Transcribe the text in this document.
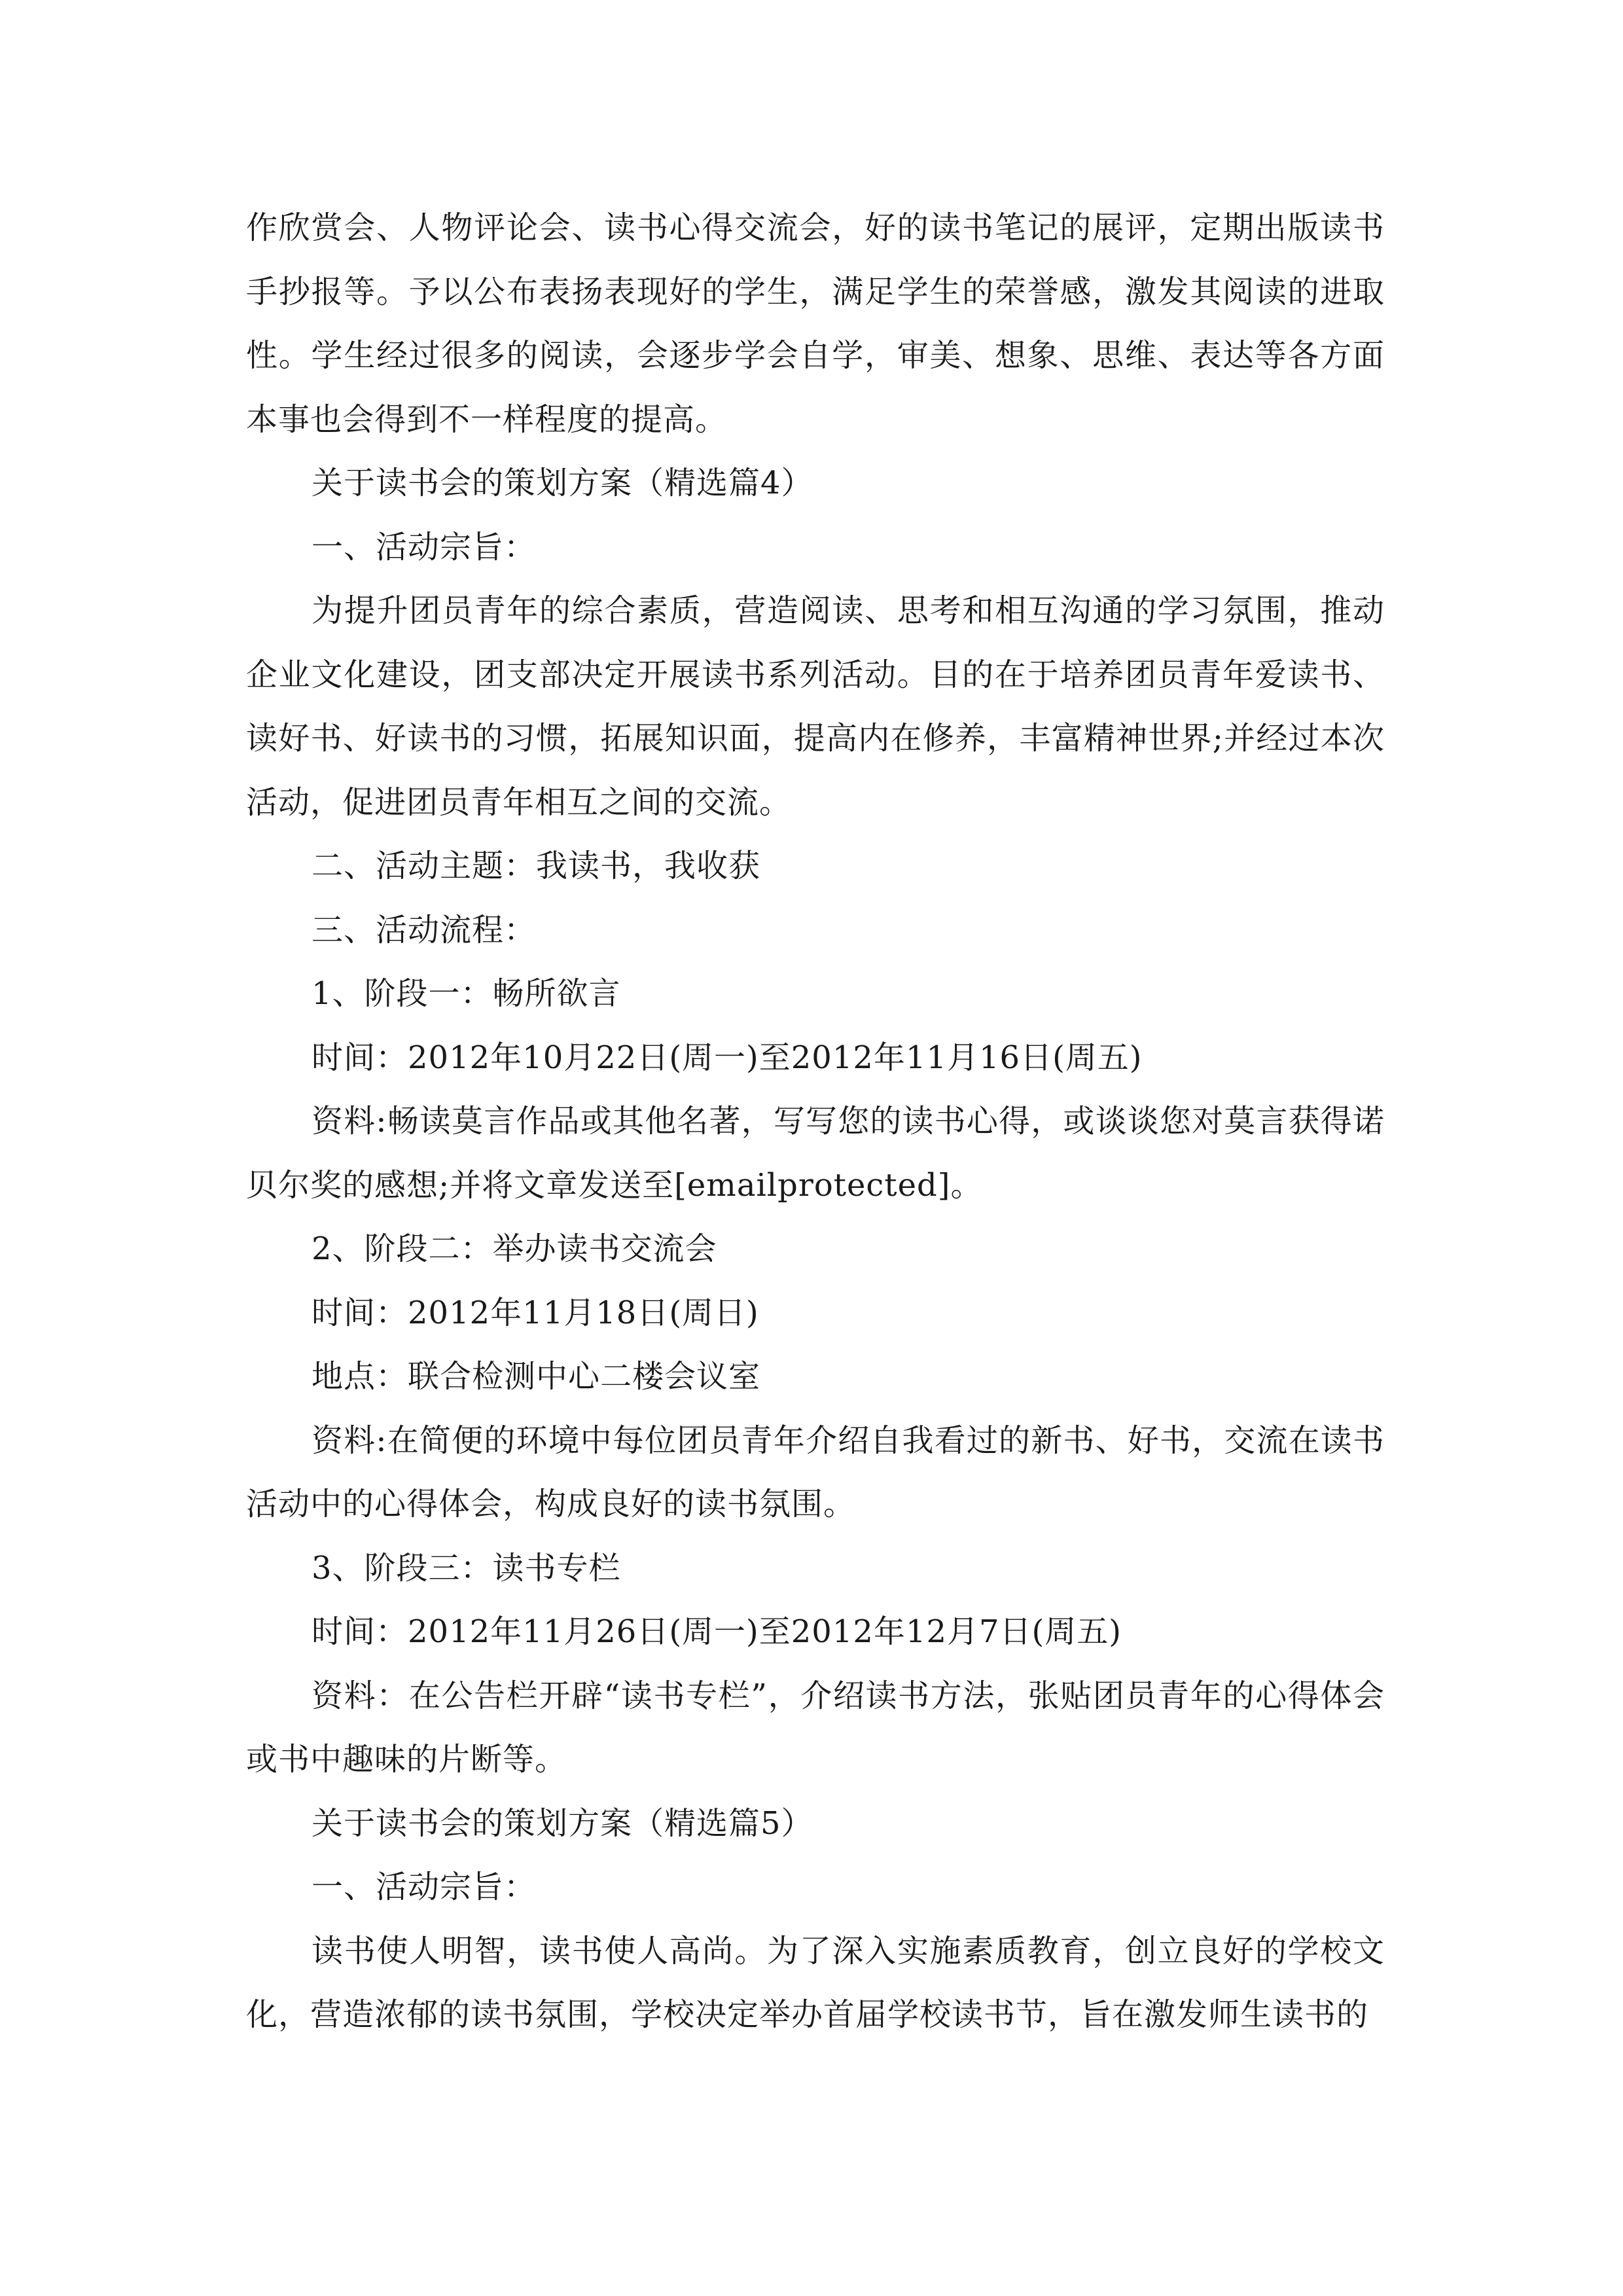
作欣赏会、人物评论会、读书心得交流会，好的读书笔记的展评，定期出版读书手抄报等。予以公布表扬表现好的学生，满足学生的荣誉感，激发其阅读的进取性。学生经过很多的阅读，会逐步学会自学，审美、想象、思维、表达等各方面本事也会得到不一样程度的提高。

关于读书会的策划方案（精选篇4）

一、活动宗旨：

为提升团员青年的综合素质，营造阅读、思考和相互沟通的学习氛围，推动企业文化建设，团支部决定开展读书系列活动。目的在于培养团员青年爱读书、读好书、好读书的习惯，拓展知识面，提高内在修养，丰富精神世界;并经过本次活动，促进团员青年相互之间的交流。

二、活动主题：我读书，我收获

三、活动流程：

1、阶段一：畅所欲言

时间：2012年10月22日(周一)至2012年11月16日(周五)

资料:畅读莫言作品或其他名著，写写您的读书心得，或谈谈您对莫言获得诺贝尔奖的感想;并将文章发送至[emailprotected]。

2、阶段二：举办读书交流会

时间：2012年11月18日(周日)

地点：联合检测中心二楼会议室

资料:在简便的环境中每位团员青年介绍自我看过的新书、好书，交流在读书活动中的心得体会，构成良好的读书氛围。

3、阶段三：读书专栏

时间：2012年11月26日(周一)至2012年12月7日(周五)

资料：在公告栏开辟“读书专栏”，介绍读书方法，张贴团员青年的心得体会或书中趣味的片断等。

关于读书会的策划方案（精选篇5）

一、活动宗旨：

读书使人明智，读书使人高尚。为了深入实施素质教育，创立良好的学校文化，营造浓郁的读书氛围，学校决定举办首届学校读书节，旨在激发师生读书的
